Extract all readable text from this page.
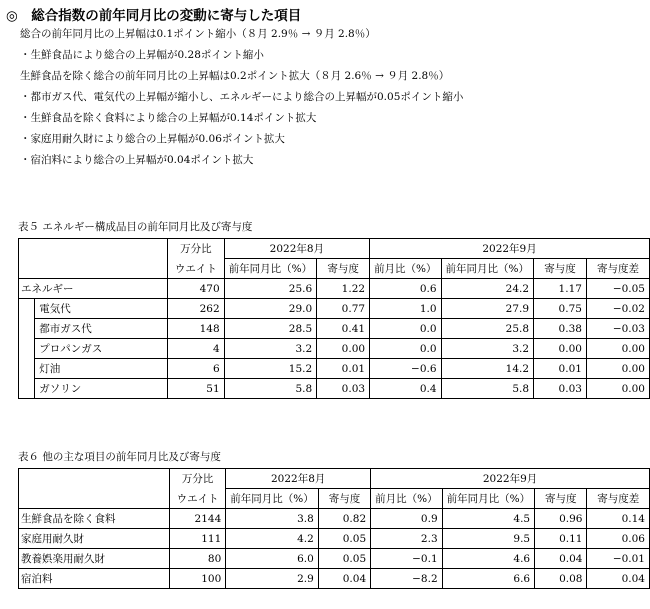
◎　総合指数の前年同月比の変動に寄与した項目
総合の前年同月比の上昇幅は0.1ポイント縮小（８月 2.9％ → ９月 2.8％）
・生鮮食品により総合の上昇幅が0.28ポイント縮小
生鮮食品を除く総合の前年同月比の上昇幅は0.2ポイント拡大（８月 2.6％ → ９月 2.8％）
・都市ガス代、電気代の上昇幅が縮小し、エネルギーにより総合の上昇幅が0.05ポイント縮小
・生鮮食品を除く食料により総合の上昇幅が0.14ポイント拡大
・家庭用耐久財により総合の上昇幅が0.06ポイント拡大
・宿泊料により総合の上昇幅が0.04ポイント拡大
表５ エネルギー構成品目の前年同月比及び寄与度
		万分比	2022年8月		2022年9月			
		ウエイト	前年同月比（%）	寄与度	前月比（%）	前年同月比（%）	寄与度	寄与度差
エネルギー		470	25.6	1.22	0.6	24.2	1.17	−0.05
	電気代	262	29.0	0.77	1.0	27.9	0.75	−0.02
	都市ガス代	148	28.5	0.41	0.0	25.8	0.38	−0.03
	プロパンガス	4	3.2	0.00	0.0	3.2	0.00	0.00
	灯油	6	15.2	0.01	−0.6	14.2	0.01	0.00
	ガソリン	51	5.8	0.03	0.4	5.8	0.03	0.00
表６ 他の主な項目の前年同月比及び寄与度
	万分比	2022年8月		2022年9月			
	ウエイト	前年同月比（%）	寄与度	前月比（%）	前年同月比（%）	寄与度	寄与度差
生鮮食品を除く食料	2144	3.8	0.82	0.9	4.5	0.96	0.14
家庭用耐久財	111	4.2	0.05	2.3	9.5	0.11	0.06
教養娯楽用耐久財	80	6.0	0.05	−0.1	4.6	0.04	−0.01
宿泊料	100	2.9	0.04	−8.2	6.6	0.08	0.04
